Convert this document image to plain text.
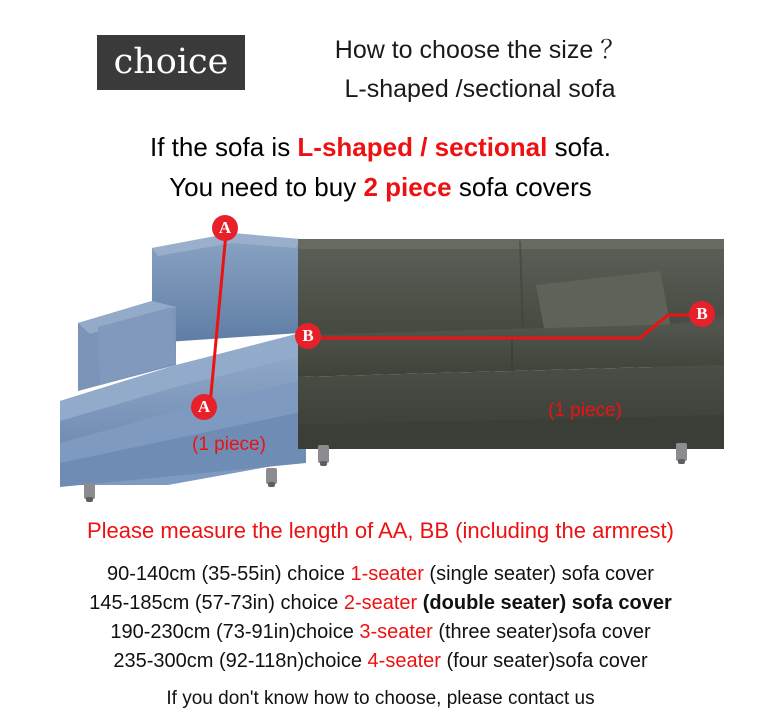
choice	How to choose the size ？
L-shaped /sectional sofa
If the sofa is L-shaped / sectional sofa.
You need to buy 2 piece sofa covers
A
A
B
B
(1 piece)
(1 piece)
Please measure the length of AA, BB (including the armrest)
90-140cm (35-55in) choice 1-seater (single seater) sofa cover
145-185cm (57-73in) choice 2-seater (double seater) sofa cover
190-230cm (73-91in)choice 3-seater (three seater)sofa cover
235-300cm (92-118n)choice 4-seater (four seater)sofa cover
If you don't know how to choose, please contact us
